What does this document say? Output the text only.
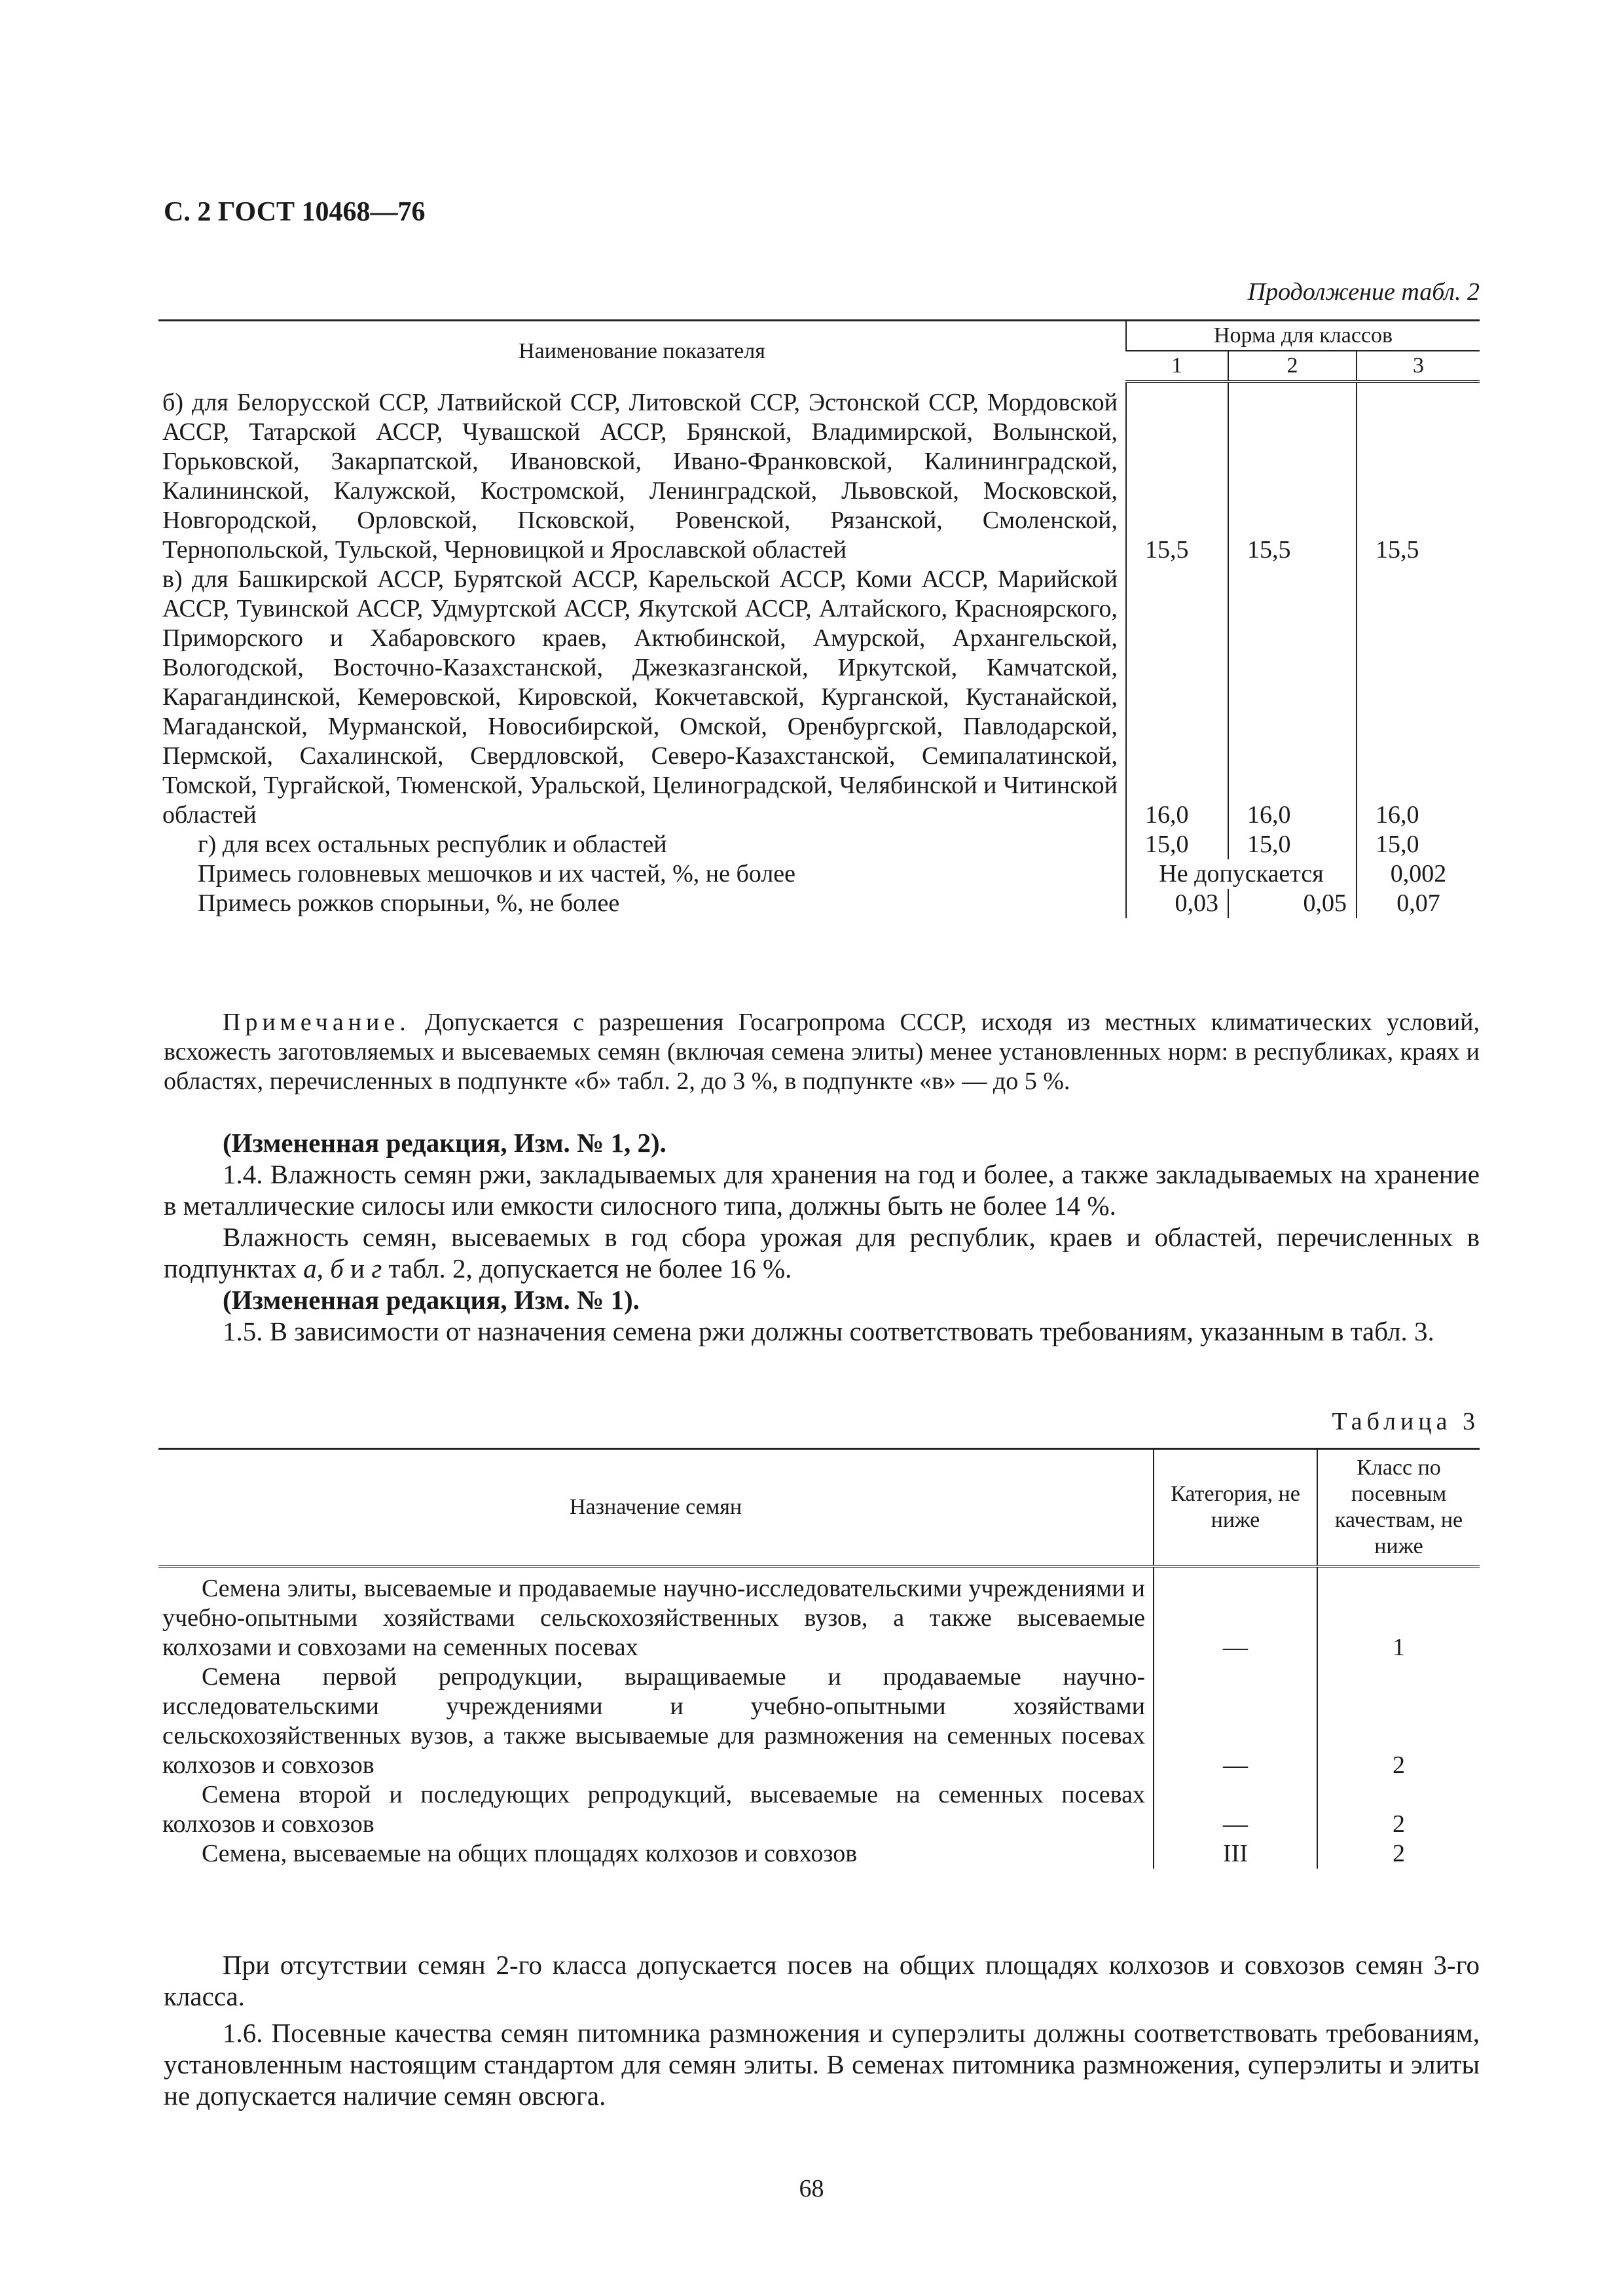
С. 2 ГОСТ 10468—76
Продолжение табл. 2
Наименование показателя	Норма для классов		
	1	2	3
б) для Белорусской ССР, Латвийской ССР, Литовской ССР, Эстонской ССР, Мордовской АССР, Татарской АССР, Чувашской АССР, Брянской, Владимирской, Волынской, Горьковской, Закарпатской, Ивановской, Ивано-Франковской, Калининградской, Калининской, Калужской, Костромской, Ленинградской, Львовской, Московской, Новгородской, Орловской, Псковской, Ровенской, Рязанской, Смоленской, Тернопольской, Тульской, Черновицкой и Ярославской областей	15,5	15,5	15,5
в) для Башкирской АССР, Бурятской АССР, Карельской АССР, Коми АССР, Марийской АССР, Тувинской АССР, Удмуртской АССР, Якутской АССР, Алтайского, Красноярского, Приморского и Хабаровского краев, Актюбинской, Амурской, Архангельской, Вологодской, Восточно-Казахстанской, Джезказганской, Иркутской, Камчатской, Карагандинской, Кемеровской, Кировской, Кокчетавской, Курганской, Кустанайской, Магаданской, Мурманской, Новосибирской, Омской, Оренбургской, Павлодарской, Пермской, Сахалинской, Свердловской, Северо-Казахстанской, Семипалатинской, Томской, Тургайской, Тюменской, Уральской, Целиноградской, Челябинской и Читинской областей	16,0	16,0	16,0
г) для всех остальных республик и областей	15,0	15,0	15,0
Примесь головневых мешочков и их частей, %, не более	Не допускается		0,002
Примесь рожков спорыньи, %, не более	0,03	0,05	0,07

Примечание. Допускается с разрешения Госагропрома СССР, исходя из местных климатических условий, всхожесть заготовляемых и высеваемых семян (включая семена элиты) менее установленных норм: в республиках, краях и областях, перечисленных в подпункте «б» табл. 2, до 3 %, в подпункте «в» — до 5 %.

(Измененная редакция, Изм. № 1, 2).

1.4. Влажность семян ржи, закладываемых для хранения на год и более, а также закладываемых на хранение в металлические силосы или емкости силосного типа, должны быть не более 14 %.

Влажность семян, высеваемых в год сбора урожая для республик, краев и областей, перечисленных в подпунктах а, б и г табл. 2, допускается не более 16 %.

(Измененная редакция, Изм. № 1).

1.5. В зависимости от назначения семена ржи должны соответствовать требованиям, указанным в табл. 3.

Таблица 3
Назначение семян	Категория, не ниже	Класс по посевным качествам, не ниже
Семена элиты, высеваемые и продаваемые научно-исследовательскими учреждениями и учебно-опытными хозяйствами сельскохозяйственных вузов, а также высеваемые колхозами и совхозами на семенных посевах	—	1
Семена первой репродукции, выращиваемые и продаваемые научно-исследовательскими учреждениями и учебно-опытными хозяйствами сельскохозяйственных вузов, а также высываемые для размножения на семенных посевах колхозов и совхозов	—	2
Семена второй и последующих репродукций, высеваемые на семенных посевах колхозов и совхозов	—	2
Семена, высеваемые на общих площадях колхозов и совхозов	III	2

При отсутствии семян 2-го класса допускается посев на общих площадях колхозов и совхозов семян 3-го класса.

1.6. Посевные качества семян питомника размножения и суперэлиты должны соответствовать требованиям, установленным настоящим стандартом для семян элиты. В семенах питомника размножения, суперэлиты и элиты не допускается наличие семян овсюга.

68
